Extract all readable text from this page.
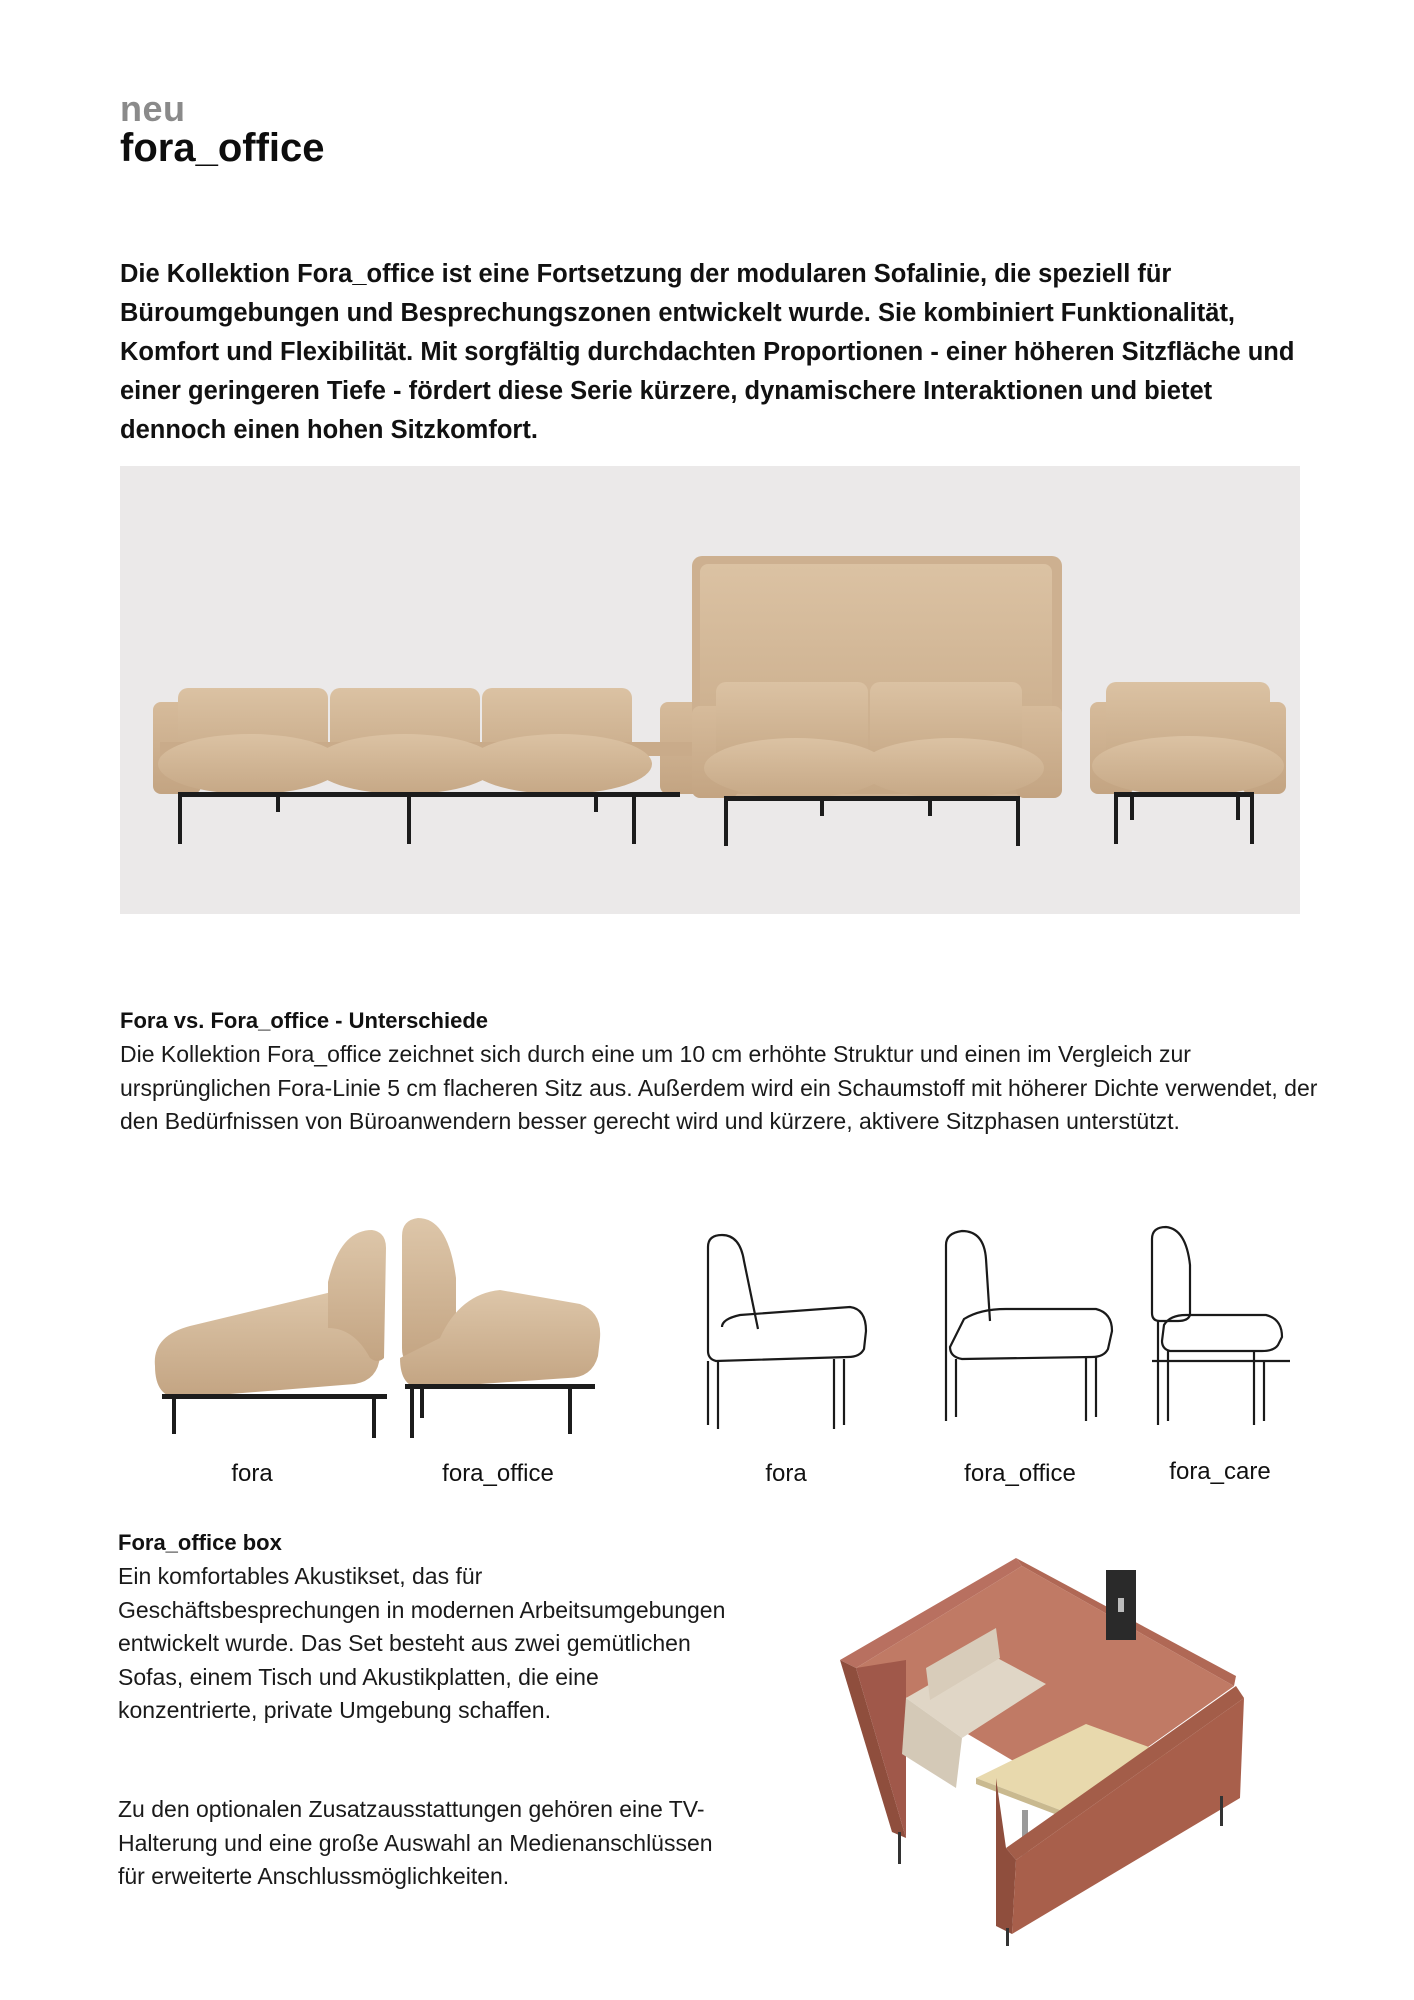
neu
fora_office
Die Kollektion Fora_office ist eine Fortsetzung der modularen Sofalinie, die speziell für Büroumgebungen und Besprechungszonen entwickelt wurde. Sie kombiniert Funktionalität, Komfort und Flexibilität. Mit sorgfältig durchdachten Proportionen - einer höheren Sitzfläche und einer geringeren Tiefe - fördert diese Serie kürzere, dynamischere Interaktionen und bietet dennoch einen hohen Sitzkomfort.
Fora vs. Fora_office - Unterschiede
Die Kollektion Fora_office zeichnet sich durch eine um 10 cm erhöhte Struktur und einen im Vergleich zur ursprünglichen Fora-Linie 5 cm flacheren Sitz aus. Außerdem wird ein Schaumstoff mit höherer Dichte verwendet, der den Bedürfnissen von Büroanwendern besser gerecht wird und kürzere, aktivere Sitzphasen unterstützt.
fora	fora_office	fora	fora_office	fora_care
Fora_office box
Ein komfortables Akustikset, das für Geschäftsbesprechungen in modernen Arbeitsumgebungen entwickelt wurde. Das Set besteht aus zwei gemütlichen Sofas, einem Tisch und Akustikplatten, die eine konzentrierte, private Umgebung schaffen.
Zu den optionalen Zusatzausstattungen gehören eine TV-Halterung und eine große Auswahl an Medienanschlüssen für erweiterte Anschlussmöglichkeiten.
